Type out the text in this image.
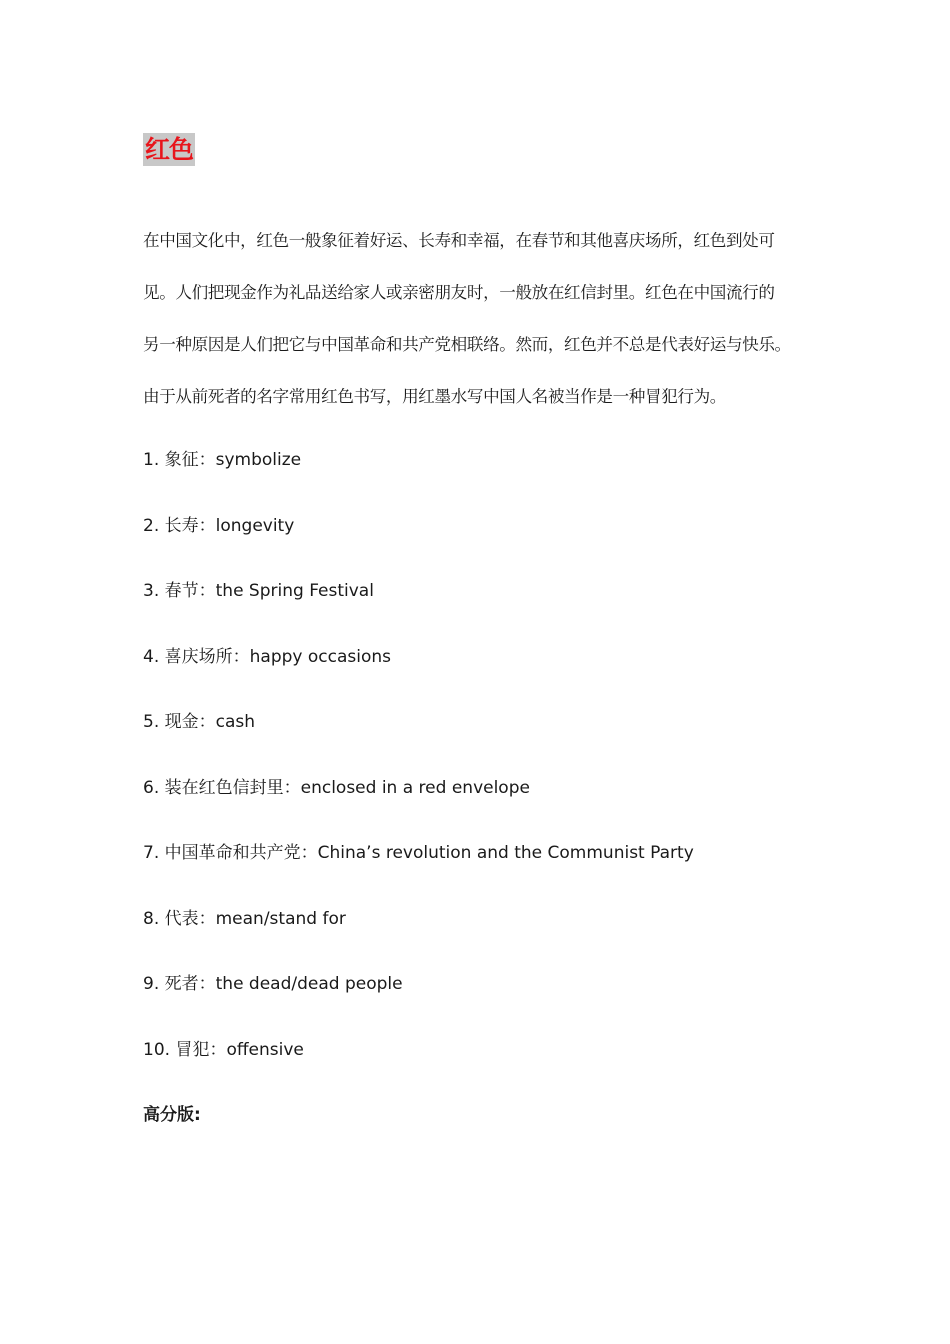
红色
在中国文化中，红色一般象征着好运、长寿和幸福，在春节和其他喜庆场所，红色到处可
见。人们把现金作为礼品送给家人或亲密朋友时，一般放在红信封里。红色在中国流行的
另一种原因是人们把它与中国革命和共产党相联络。然而，红色并不总是代表好运与快乐。
由于从前死者的名字常用红色书写，用红墨水写中国人名被当作是一种冒犯行为。
1. 象征：symbolize
2. 长寿：longevity
3. 春节：the Spring Festival
4. 喜庆场所：happy occasions
5. 现金：cash
6. 装在红色信封里：enclosed in a red envelope
7. 中国革命和共产党：China’s revolution and the Communist Party
8. 代表：mean/stand for
9. 死者：the dead/dead people
10. 冒犯：offensive
高分版:
